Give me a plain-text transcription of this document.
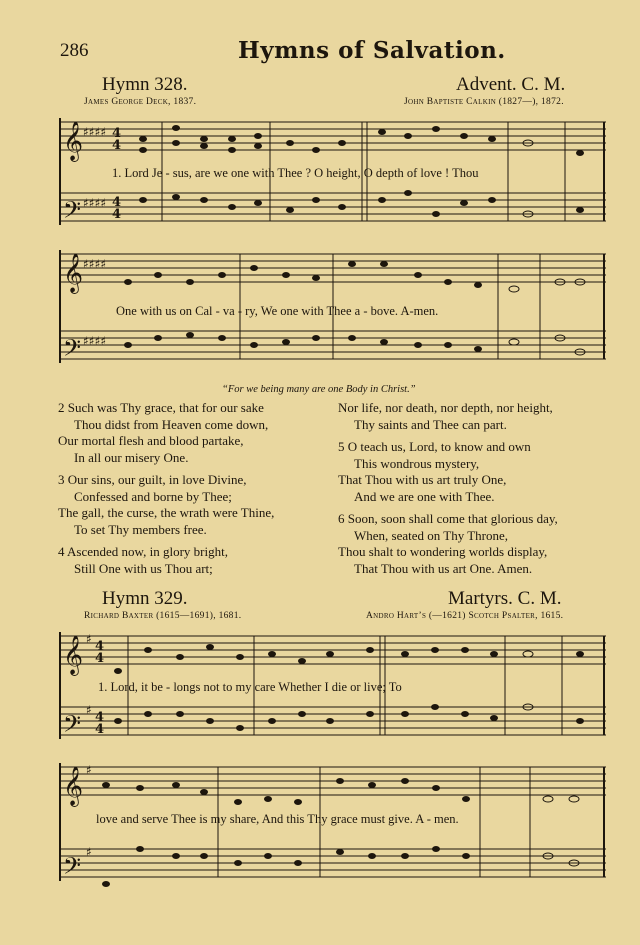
286	Hymns of Salvation.
Hymn 328.	Advent. C. M.
James George Deck, 1837.	John Baptiste Calkin (1827—), 1872.
𝄞
𝄢
♯♯♯♯
♯♯♯♯
4
4
4
4
𝄞
𝄢
♯♯♯♯
♯♯♯♯
𝄞
𝄢
♯
♯
4
4
4
4
𝄞
𝄢
♯
♯
1. Lord Je - sus, are we one with Thee ? O height, O depth of love ! Thou
One with us on Cal - va - ry, We one with Thee a - bove. A-men.
“For we being many are one Body in Christ.”
2 Such was Thy grace, that for our sake
Thou didst from Heaven come down,
Our mortal flesh and blood partake,
In all our misery One.
3 Our sins, our guilt, in love Divine,
Confessed and borne by Thee;
The gall, the curse, the wrath were Thine,
To set Thy members free.
4 Ascended now, in glory bright,
Still One with us Thou art;
Nor life, nor death, nor depth, nor height,
Thy saints and Thee can part.
5 O teach us, Lord, to know and own
This wondrous mystery,
That Thou with us art truly One,
And we are one with Thee.
6 Soon, soon shall come that glorious day,
When, seated on Thy Throne,
Thou shalt to wondering worlds display,
That Thou with us art One. Amen.
Hymn 329.	Martyrs. C. M.
Richard Baxter (1615—1691), 1681.	Andro Hart’s (—1621) Scotch Psalter, 1615.
1. Lord, it be - longs not to my care Whether I die or live; To
love and serve Thee is my share, And this Thy grace must give. A - men.
